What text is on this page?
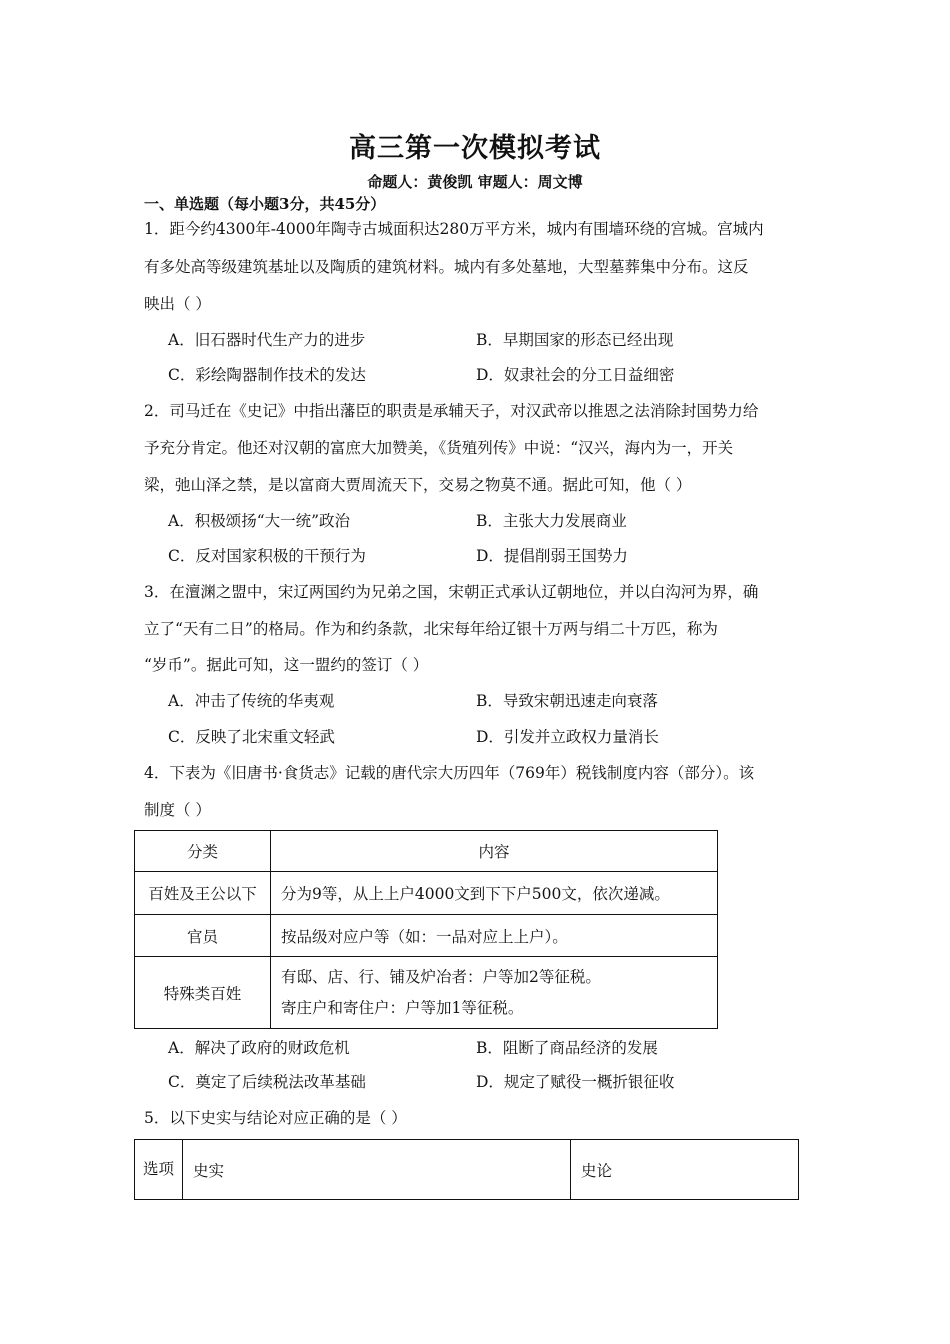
高三第一次模拟考试
命题人：黄俊凯 审题人：周文博
一、单选题（每小题3分，共45分）
1．距今约4300年-4000年陶寺古城面积达280万平方米，城内有围墙环绕的宫城。宫城内
有多处高等级建筑基址以及陶质的建筑材料。城内有多处墓地，大型墓葬集中分布。这反
映出（ ）
A．旧石器时代生产力的进步	B．早期国家的形态已经出现
C．彩绘陶器制作技术的发达	D．奴隶社会的分工日益细密
2．司马迁在《史记》中指出藩臣的职责是承辅天子，对汉武帝以推恩之法消除封国势力给
予充分肯定。他还对汉朝的富庶大加赞美，《货殖列传》中说：“汉兴，海内为一，开关
梁，弛山泽之禁，是以富商大贾周流天下，交易之物莫不通。据此可知，他（ ）
A．积极颂扬“大一统”政治	B．主张大力发展商业
C．反对国家积极的干预行为	D．提倡削弱王国势力
3．在澶渊之盟中，宋辽两国约为兄弟之国，宋朝正式承认辽朝地位，并以白沟河为界，确
立了“天有二日”的格局。作为和约条款，北宋每年给辽银十万两与绢二十万匹，称为
“岁币”。据此可知，这一盟约的签订（ ）
A．冲击了传统的华夷观	B．导致宋朝迅速走向衰落
C．反映了北宋重文轻武	D．引发并立政权力量消长
4．下表为《旧唐书·食货志》记载的唐代宗大历四年（769年）税钱制度内容（部分）。该
制度（ ）
分类	内容
百姓及王公以下	分为9等，从上上户4000文到下下户500文，依次递减。
官员	按品级对应户等（如：一品对应上上户）。
特殊类百姓	有邸、店、行、铺及炉冶者：户等加2等征税。
寄庄户和寄住户：户等加1等征税。
A．解决了政府的财政危机	B．阻断了商品经济的发展
C．奠定了后续税法改革基础	D．规定了赋役一概折银征收
5．以下史实与结论对应正确的是（ ）
选项	史实	史论
